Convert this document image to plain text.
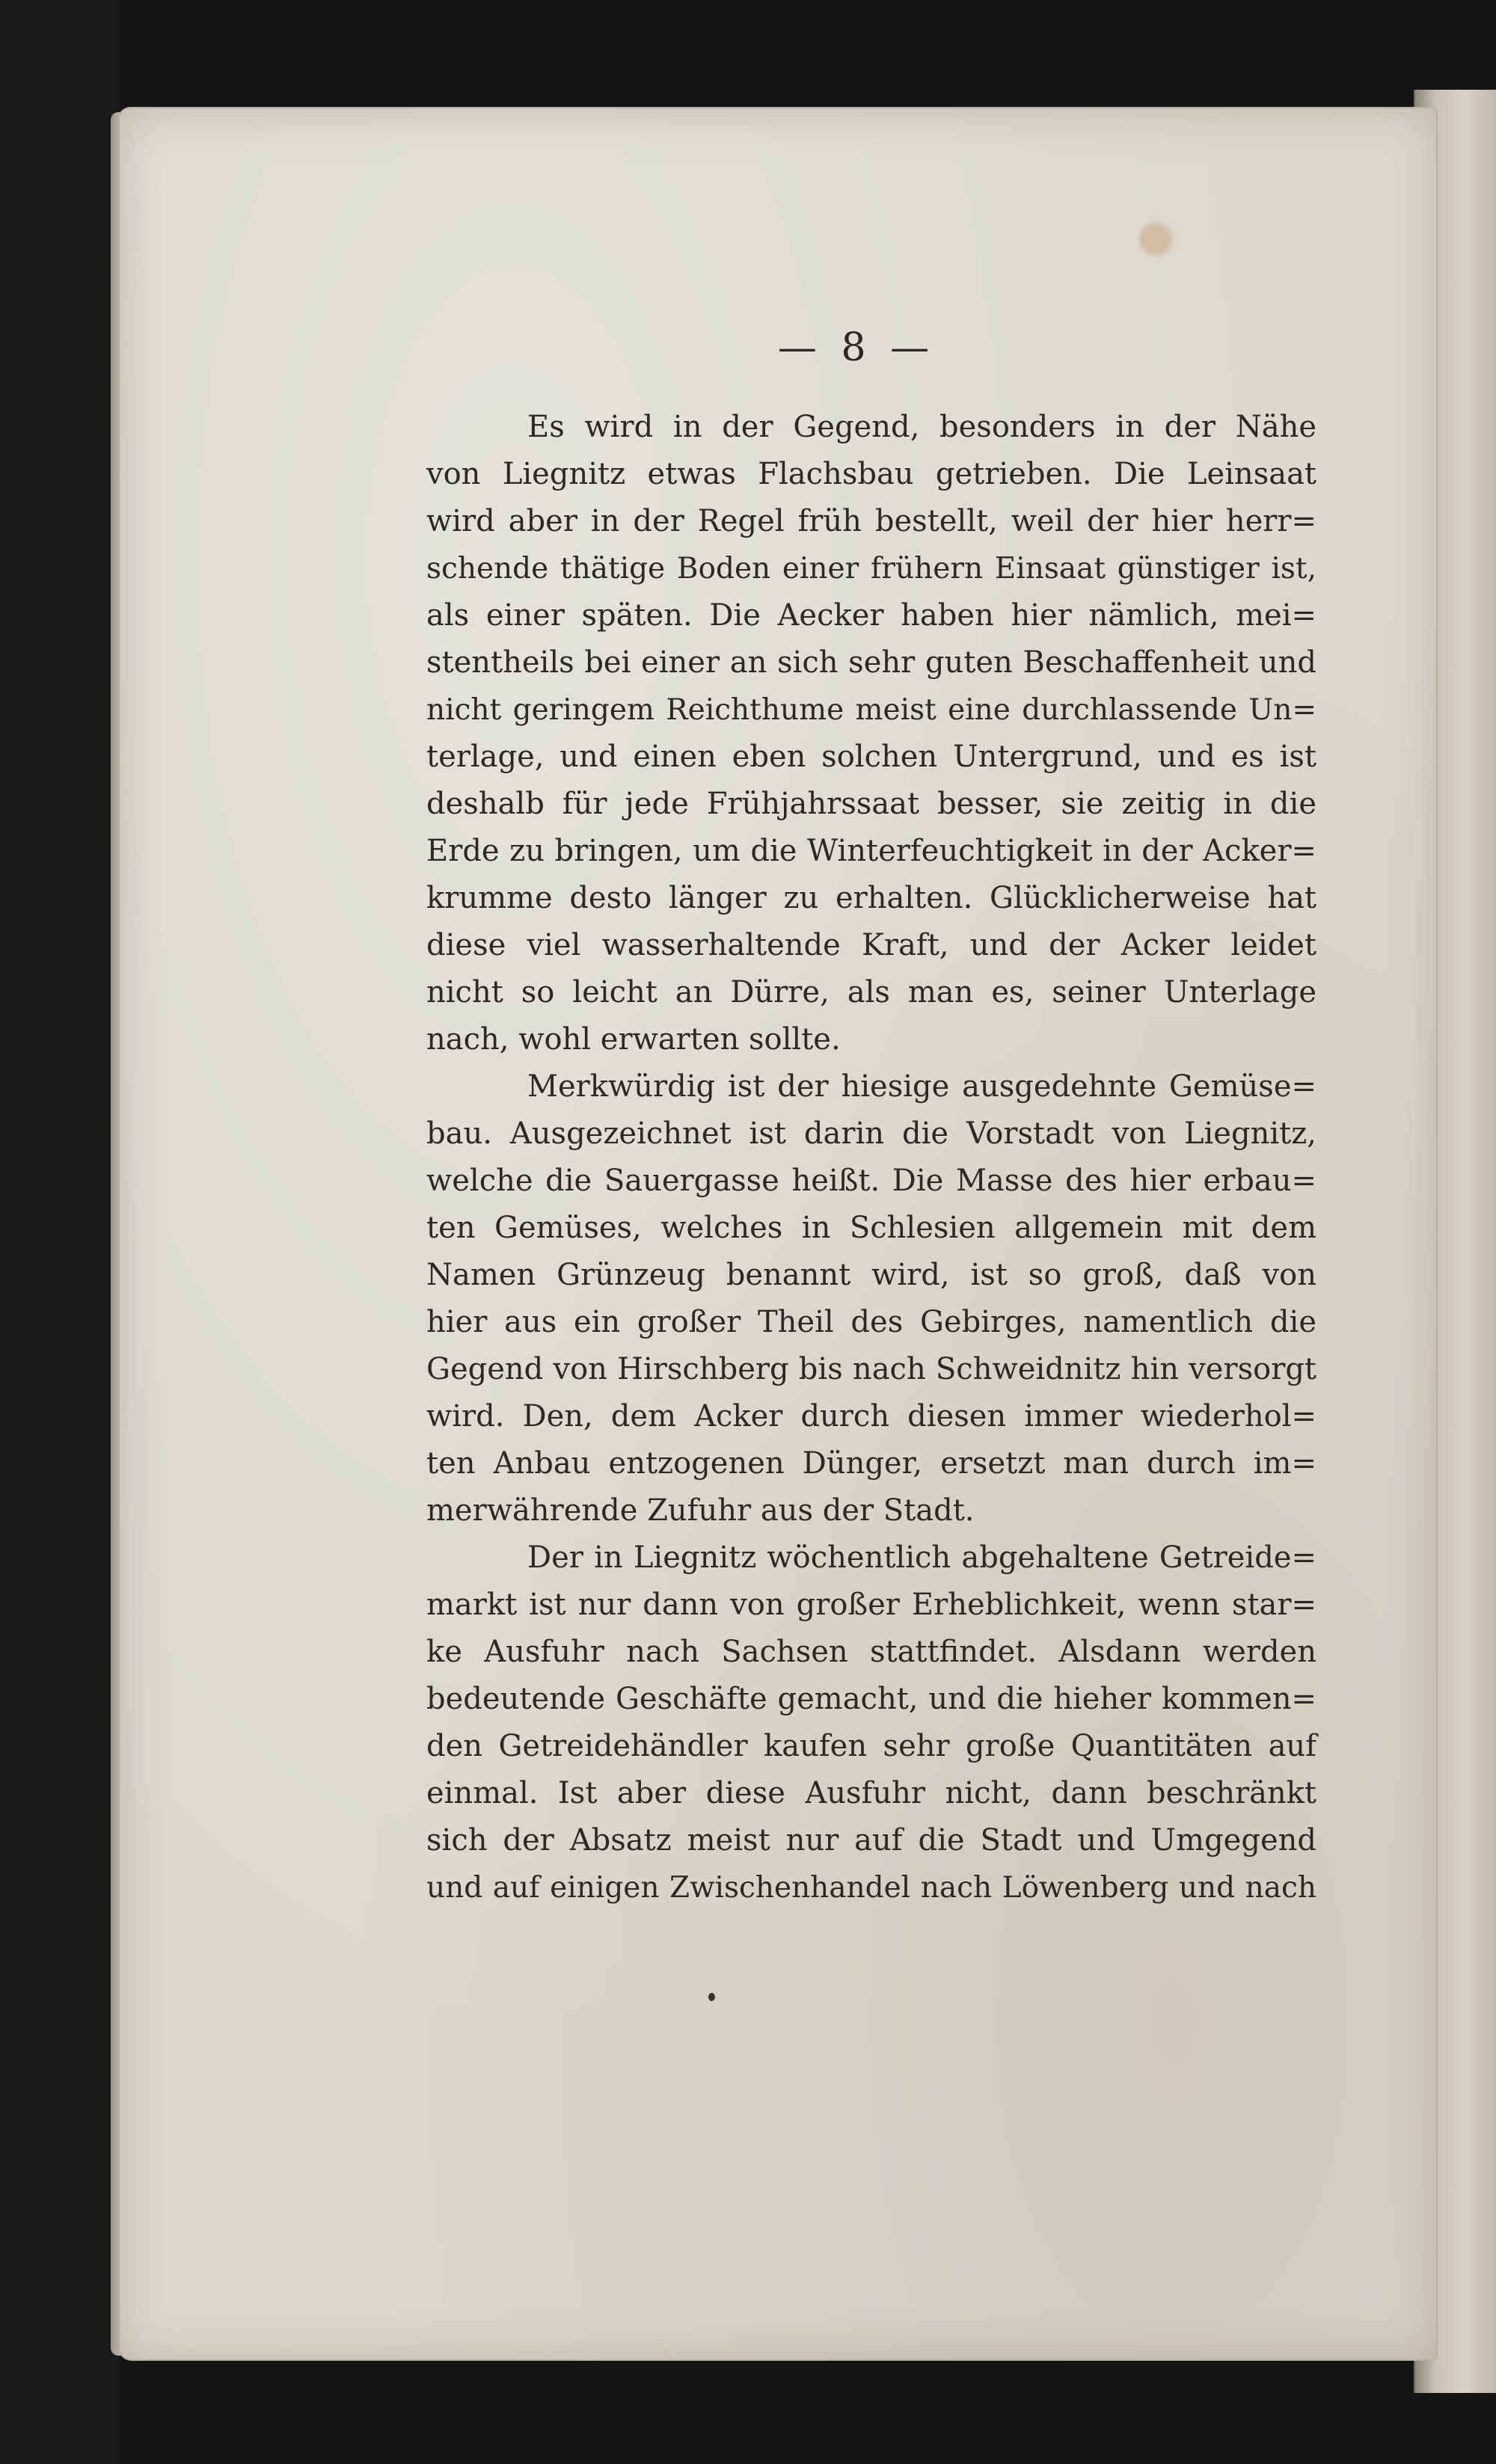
— 8 —
Es wird in der Gegend, besonders in der Nähe
von Liegnitz etwas Flachsbau getrieben. Die Leinsaat
wird aber in der Regel früh bestellt, weil der hier herr=
schende thätige Boden einer frühern Einsaat günstiger ist,
als einer späten. Die Aecker haben hier nämlich, mei=
stentheils bei einer an sich sehr guten Beschaffenheit und
nicht geringem Reichthume meist eine durchlassende Un=
terlage, und einen eben solchen Untergrund, und es ist
deshalb für jede Frühjahrssaat besser, sie zeitig in die
Erde zu bringen, um die Winterfeuchtigkeit in der Acker=
krumme desto länger zu erhalten. Glücklicherweise hat
diese viel wasserhaltende Kraft, und der Acker leidet
nicht so leicht an Dürre, als man es, seiner Unterlage
nach, wohl erwarten sollte.
Merkwürdig ist der hiesige ausgedehnte Gemüse=
bau. Ausgezeichnet ist darin die Vorstadt von Liegnitz,
welche die Sauergasse heißt. Die Masse des hier erbau=
ten Gemüses, welches in Schlesien allgemein mit dem
Namen Grünzeug benannt wird, ist so groß, daß von
hier aus ein großer Theil des Gebirges, namentlich die
Gegend von Hirschberg bis nach Schweidnitz hin versorgt
wird. Den, dem Acker durch diesen immer wiederhol=
ten Anbau entzogenen Dünger, ersetzt man durch im=
merwährende Zufuhr aus der Stadt.
Der in Liegnitz wöchentlich abgehaltene Getreide=
markt ist nur dann von großer Erheblichkeit, wenn star=
ke Ausfuhr nach Sachsen stattfindet. Alsdann werden
bedeutende Geschäfte gemacht, und die hieher kommen=
den Getreidehändler kaufen sehr große Quantitäten auf
einmal. Ist aber diese Ausfuhr nicht, dann beschränkt
sich der Absatz meist nur auf die Stadt und Umgegend
und auf einigen Zwischenhandel nach Löwenberg und nach
